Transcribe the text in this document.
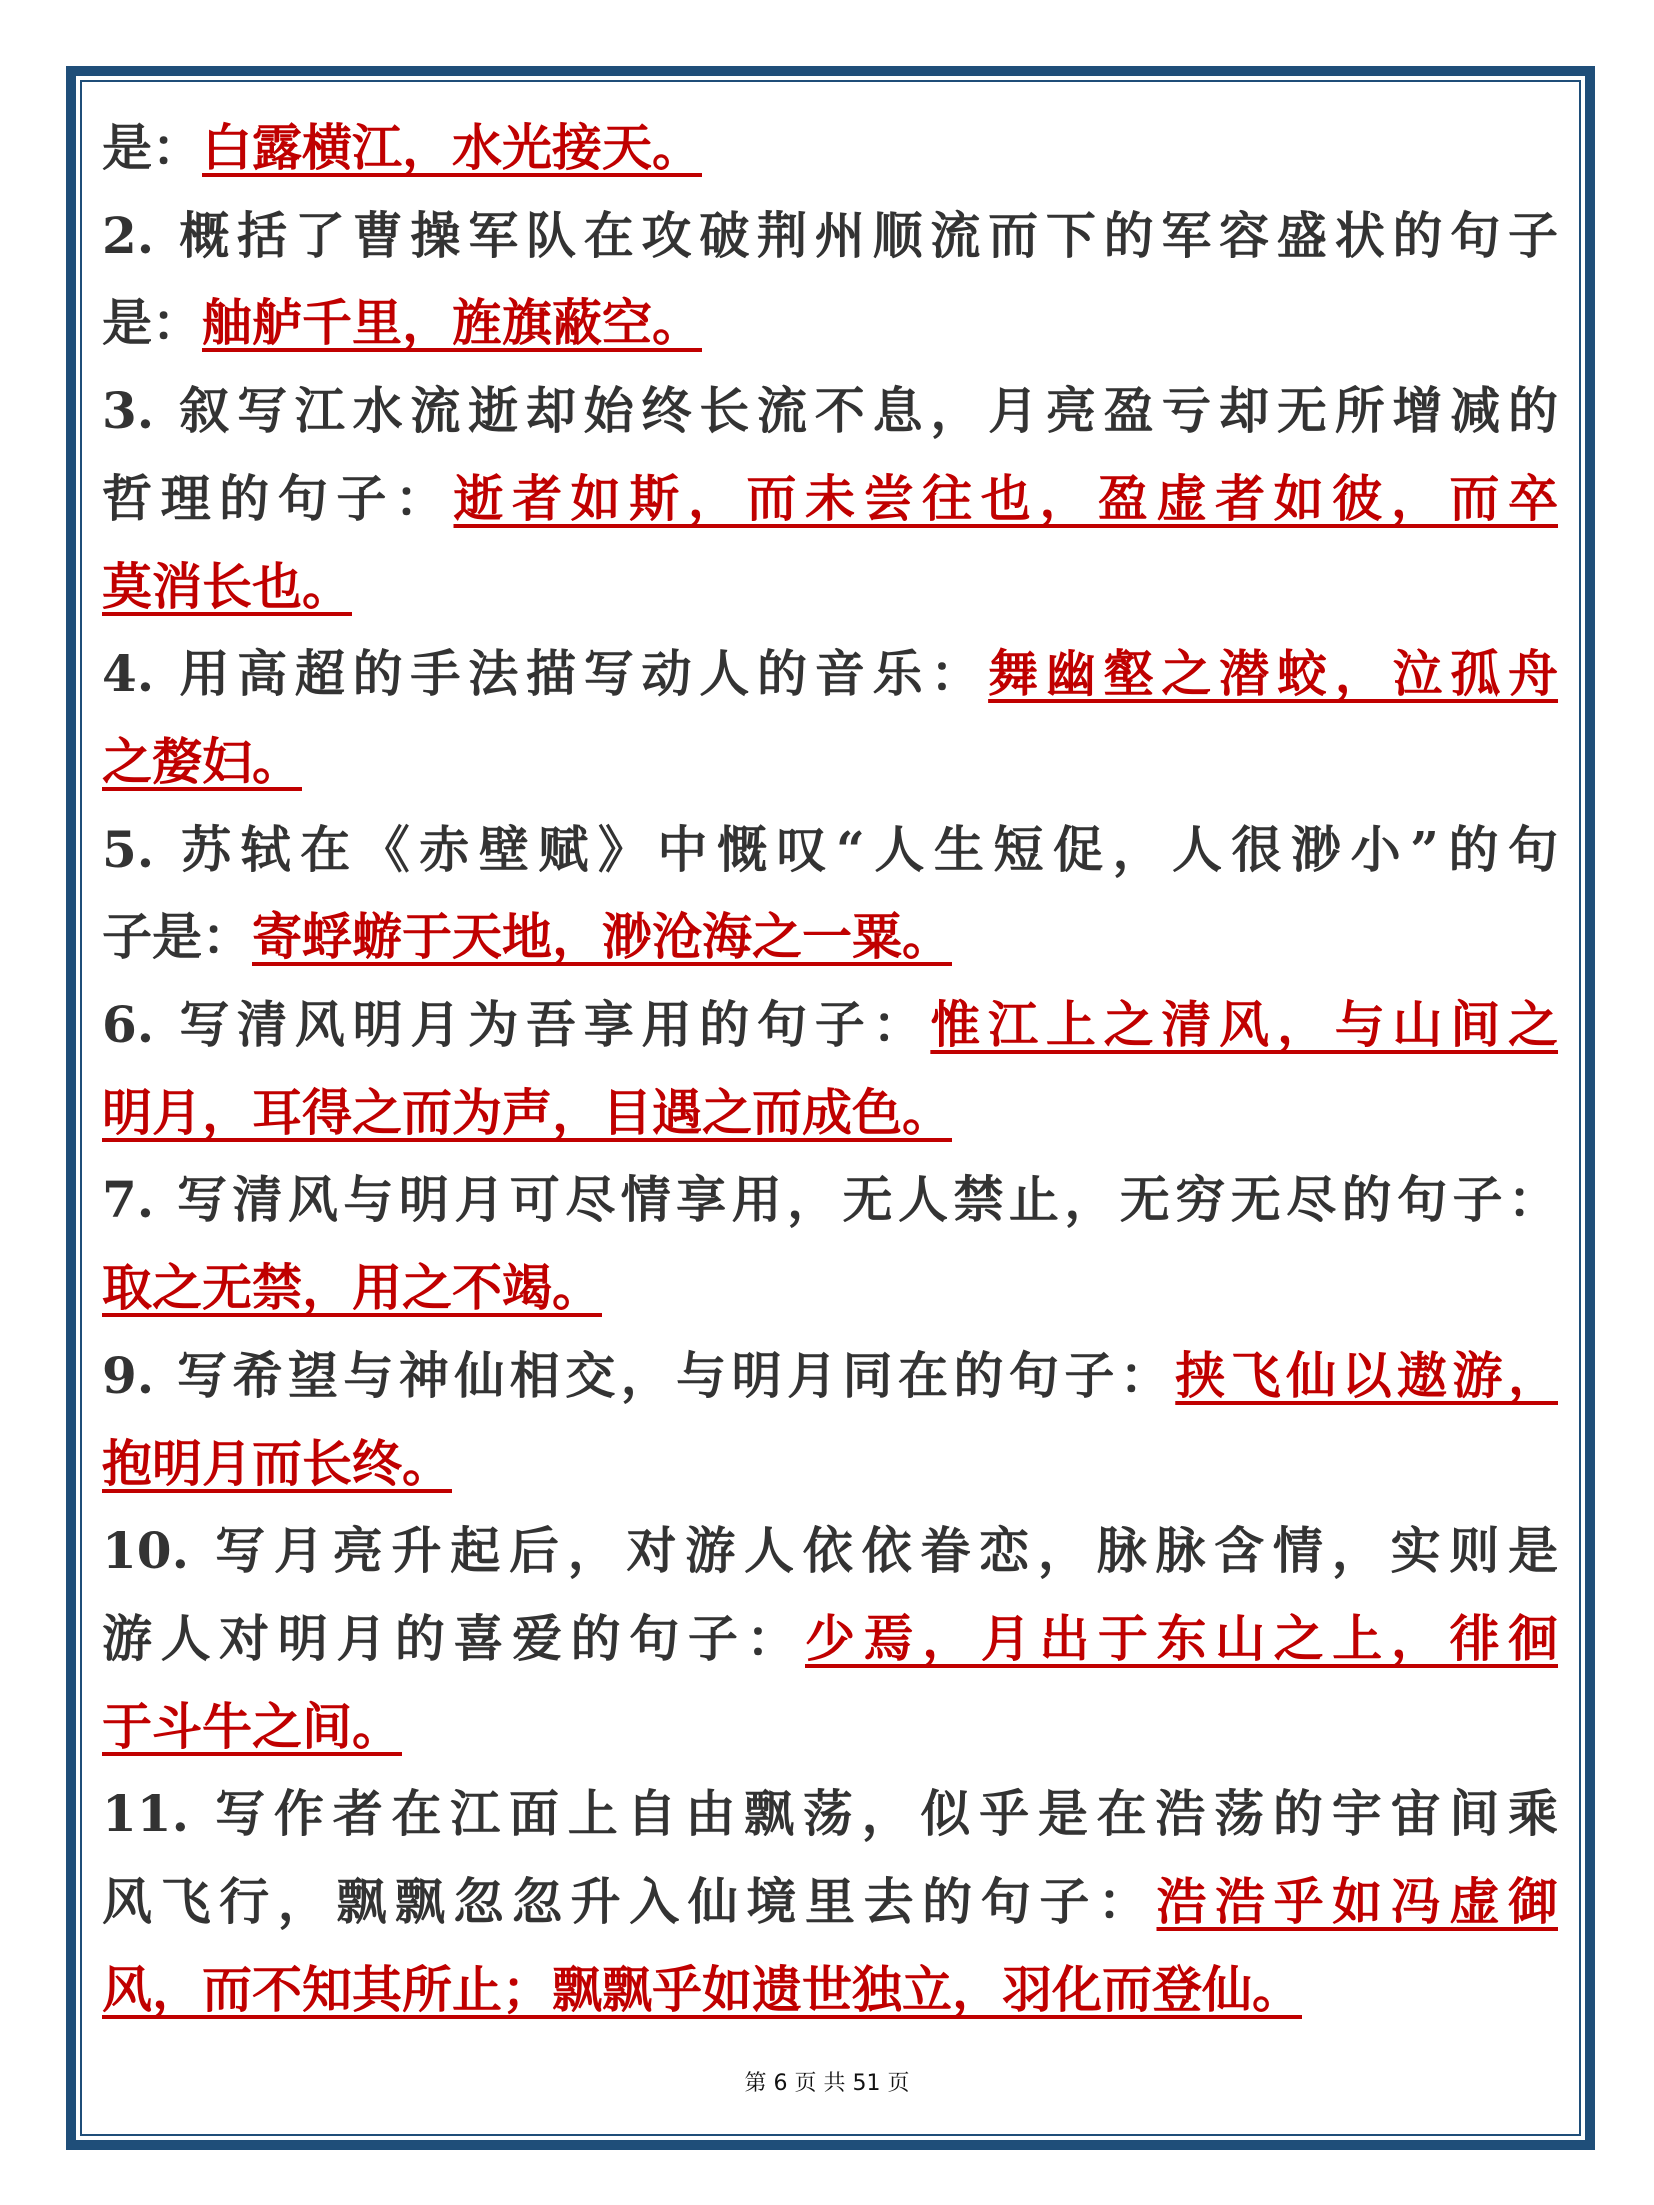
是：白露横江，水光接天。
2. 概括了曹操军队在攻破荆州顺流而下的军容盛状的句子
是：舳舻千里，旌旗蔽空。
3. 叙写江水流逝却始终长流不息，月亮盈亏却无所增减的
哲理的句子：逝者如斯，而未尝往也，盈虚者如彼，而卒
莫消长也。
4. 用高超的手法描写动人的音乐：舞幽壑之潜蛟，泣孤舟
之嫠妇。
5. 苏轼在《赤壁赋》中慨叹“人生短促，人很渺小”的句
子是：寄蜉蝣于天地，渺沧海之一粟。
6. 写清风明月为吾享用的句子：惟江上之清风，与山间之
明月，耳得之而为声，目遇之而成色。
7. 写清风与明月可尽情享用，无人禁止，无穷无尽的句子：
取之无禁，用之不竭。
9. 写希望与神仙相交，与明月同在的句子：挟飞仙以遨游，
抱明月而长终。
10. 写月亮升起后，对游人依依眷恋，脉脉含情，实则是
游人对明月的喜爱的句子：少焉，月出于东山之上，徘徊
于斗牛之间。
11. 写作者在江面上自由飘荡，似乎是在浩荡的宇宙间乘
风飞行，飘飘忽忽升入仙境里去的句子：浩浩乎如冯虚御
风，而不知其所止；飘飘乎如遗世独立，羽化而登仙。
第 6 页 共 51 页
